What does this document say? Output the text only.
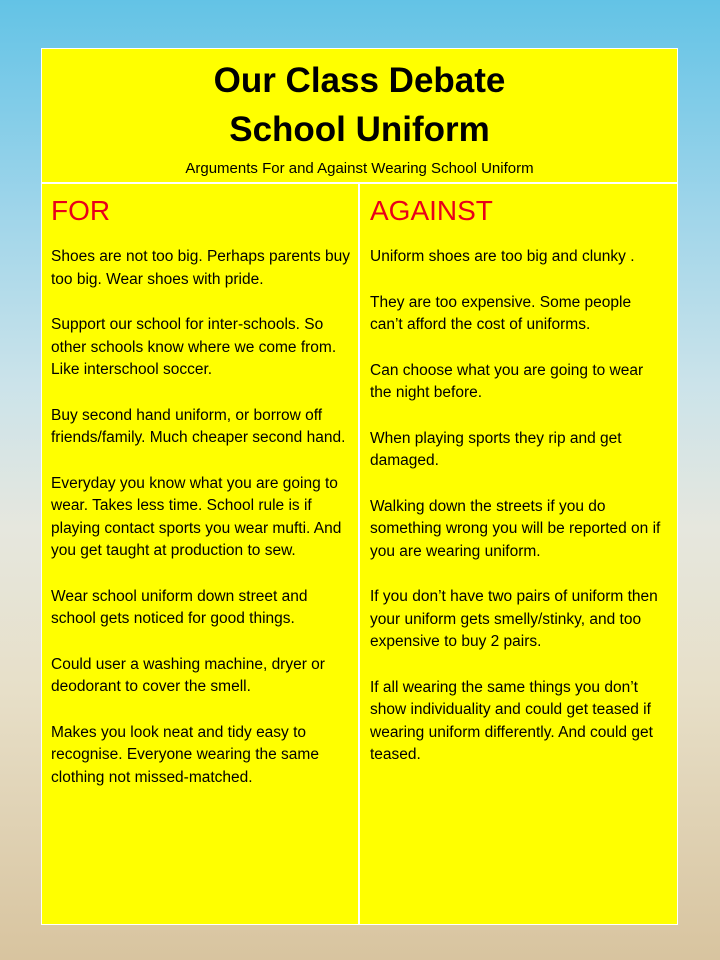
Our Class Debate
School Uniform
Arguments For and Against Wearing School Uniform
FOR

Shoes are not too big. Perhaps parents buy too big. Wear shoes with pride.

Support our school for inter-schools. So other schools know where we come from. Like interschool soccer.

Buy second hand uniform, or borrow off friends/family. Much cheaper second hand.

Everyday you know what you are going to wear. Takes less time. School rule is if playing contact sports you wear mufti. And you get taught at production to sew.

Wear school uniform down street and school gets noticed for good things.

Could user a washing machine, dryer or deodorant to cover the smell.

Makes you look neat and tidy easy to recognise. Everyone wearing the same clothing not missed-matched.

AGAINST

Uniform shoes are too big and clunky .

They are too expensive. Some people can’t afford the cost of uniforms.

Can choose what you are going to wear the night before.

When playing sports they rip and get damaged.

Walking down the streets if you do something wrong you will be reported on if you are wearing uniform.

If you don’t have two pairs of uniform then your uniform gets smelly/stinky, and too expensive to buy 2 pairs.

If all wearing the same things you don’t show individuality and could get teased if wearing uniform differently. And could get teased.
